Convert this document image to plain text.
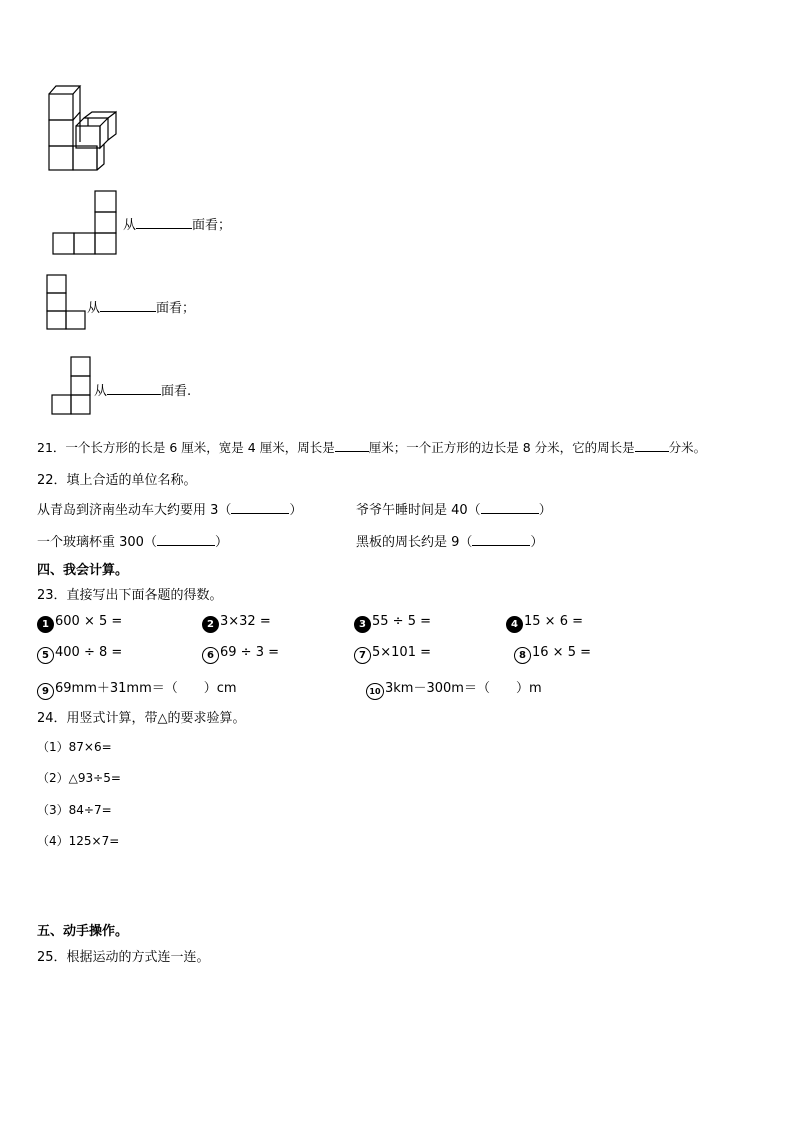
从	面看；
从	面看；
从	面看.
21．一个长方形的长是 6 厘米，宽是 4 厘米，周长是	厘米；一个正方形的边长是 8 分米，它的周长是	分米。
22．填上合适的单位名称。
从青岛到济南坐动车大约要用 3（	）	爷爷午睡时间是 40（	）
一个玻璃杯重 300（	）	黑板的周长约是 9（	）
四、我会计算。
23．直接写出下面各题的得数。
1 600 × 5 =	2 3×32 =	3 55 ÷ 5 =	4 15 × 6 =
5 400 ÷ 8 =	6 69 ÷ 3 =	7 5×101 =	8 16 × 5 =
9 69mm＋31mm＝（　　）cm	10 3km－300m＝（　　）m
24．用竖式计算，带△的要求验算。
（1）87×6=
（2）△93÷5=
（3）84÷7=
（4）125×7=
五、动手操作。
25．根据运动的方式连一连。
